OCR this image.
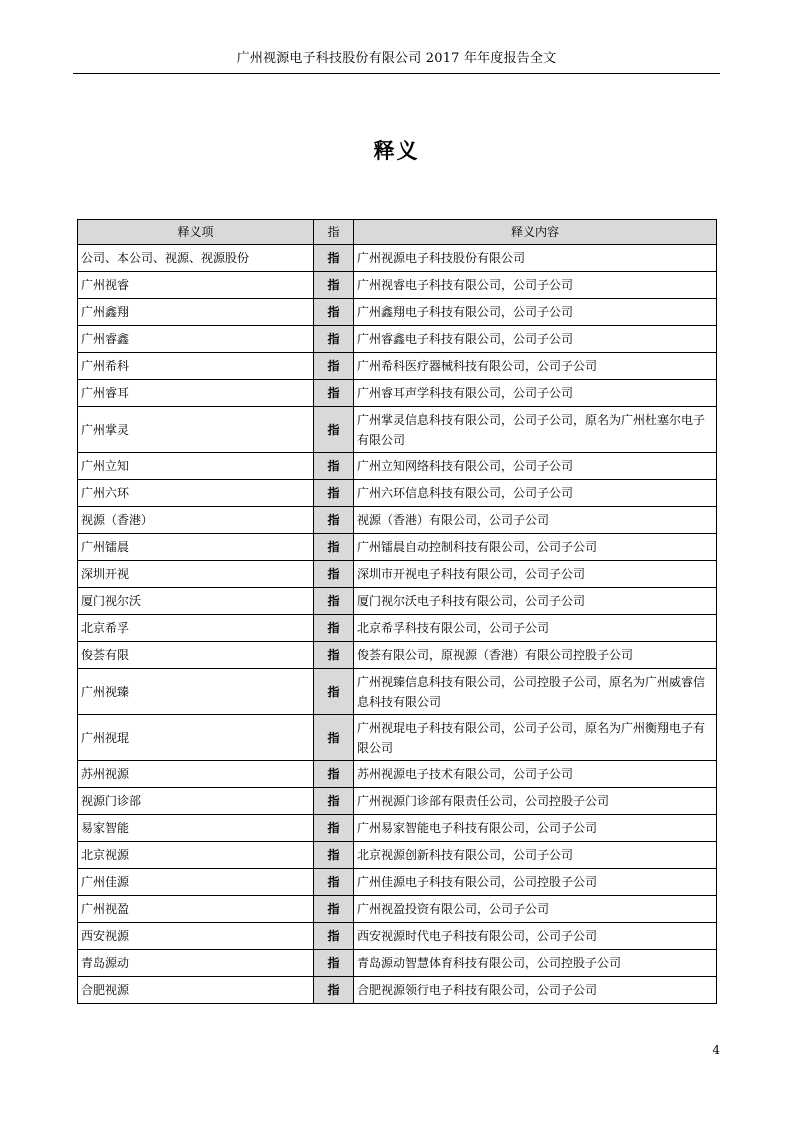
广州视源电子科技股份有限公司 2017 年年度报告全文
释义
释义项	指	释义内容
公司、本公司、视源、视源股份	指	广州视源电子科技股份有限公司
广州视睿	指	广州视睿电子科技有限公司，公司子公司
广州鑫翔	指	广州鑫翔电子科技有限公司，公司子公司
广州睿鑫	指	广州睿鑫电子科技有限公司，公司子公司
广州希科	指	广州希科医疗器械科技有限公司，公司子公司
广州睿耳	指	广州睿耳声学科技有限公司，公司子公司
广州掌灵	指	广州掌灵信息科技有限公司，公司子公司，原名为广州杜塞尔电子有限公司
广州立知	指	广州立知网络科技有限公司，公司子公司
广州六环	指	广州六环信息科技有限公司，公司子公司
视源（香港）	指	视源（香港）有限公司，公司子公司
广州镭晨	指	广州镭晨自动控制科技有限公司，公司子公司
深圳开视	指	深圳市开视电子科技有限公司，公司子公司
厦门视尔沃	指	厦门视尔沃电子科技有限公司，公司子公司
北京希孚	指	北京希孚科技有限公司，公司子公司
俊荟有限	指	俊荟有限公司，原视源（香港）有限公司控股子公司
广州视臻	指	广州视臻信息科技有限公司，公司控股子公司，原名为广州威睿信息科技有限公司
广州视琨	指	广州视琨电子科技有限公司，公司子公司，原名为广州衡翔电子有限公司
苏州视源	指	苏州视源电子技术有限公司，公司子公司
视源门诊部	指	广州视源门诊部有限责任公司，公司控股子公司
易家智能	指	广州易家智能电子科技有限公司，公司子公司
北京视源	指	北京视源创新科技有限公司，公司子公司
广州佳源	指	广州佳源电子科技有限公司，公司控股子公司
广州视盈	指	广州视盈投资有限公司，公司子公司
西安视源	指	西安视源时代电子科技有限公司，公司子公司
青岛源动	指	青岛源动智慧体育科技有限公司，公司控股子公司
合肥视源	指	合肥视源领行电子科技有限公司，公司子公司
4
